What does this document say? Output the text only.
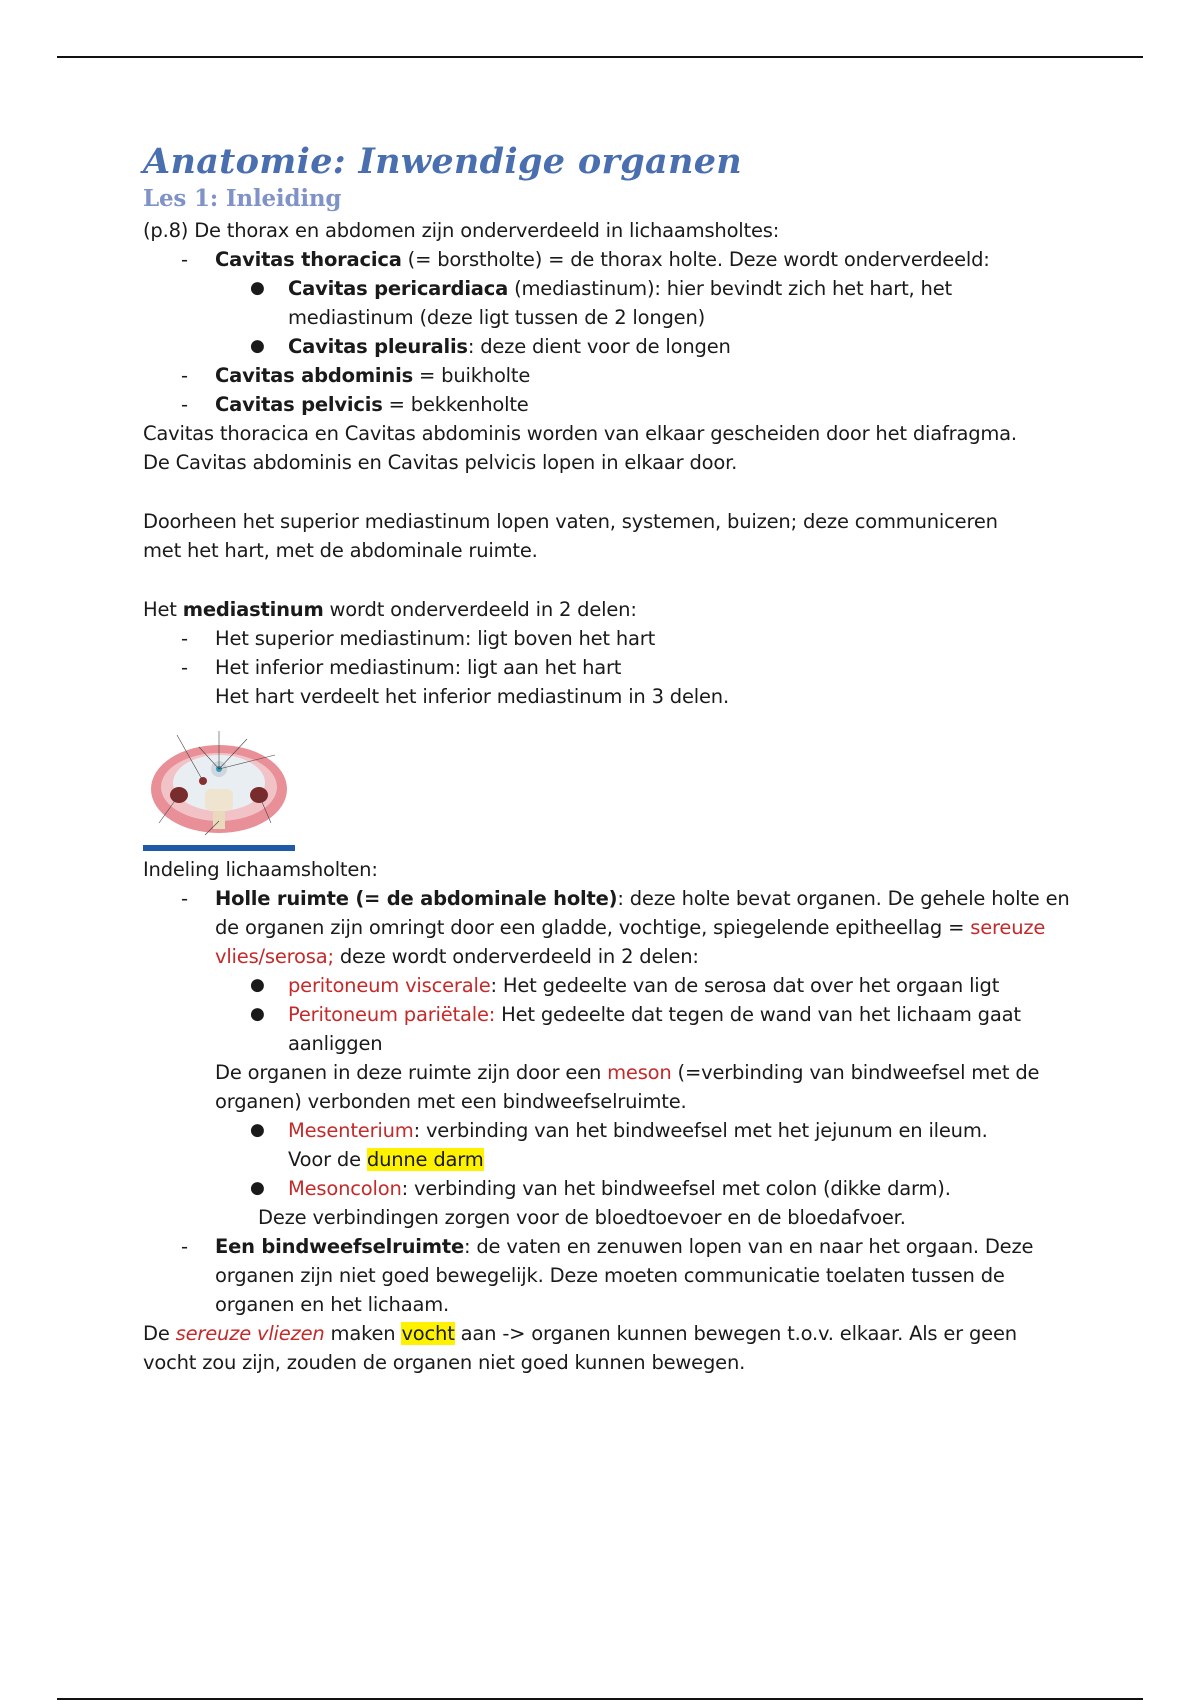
Anatomie: Inwendige organen
Les 1: Inleiding

(p.8) De thorax en abdomen zijn onderverdeeld in lichaamsholtes:

- Cavitas thoracica (= borstholte) = de thorax holte. Deze wordt onderverdeeld:
● Cavitas pericardiaca (mediastinum): hier bevindt zich het hart, het
mediastinum (deze ligt tussen de 2 longen)
● Cavitas pleuralis: deze dient voor de longen
- Cavitas abdominis = buikholte
- Cavitas pelvicis = bekkenholte

Cavitas thoracica en Cavitas abdominis worden van elkaar gescheiden door het diafragma.

De Cavitas abdominis en Cavitas pelvicis lopen in elkaar door.

Doorheen het superior mediastinum lopen vaten, systemen, buizen; deze communiceren

met het hart, met de abdominale ruimte.

Het mediastinum wordt onderverdeeld in 2 delen:

- Het superior mediastinum: ligt boven het hart
- Het inferior mediastinum: ligt aan het hart
Het hart verdeelt het inferior mediastinum in 3 delen.

Indeling lichaamsholten:

- Holle ruimte (= de abdominale holte): deze holte bevat organen. De gehele holte en
de organen zijn omringt door een gladde, vochtige, spiegelende epitheellag = sereuze
vlies/serosa; deze wordt onderverdeeld in 2 delen:
● peritoneum viscerale: Het gedeelte van de serosa dat over het orgaan ligt
● Peritoneum pariëtale: Het gedeelte dat tegen de wand van het lichaam gaat
aanliggen
De organen in deze ruimte zijn door een meson (=verbinding van bindweefsel met de
organen) verbonden met een bindweefselruimte.
● Mesenterium: verbinding van het bindweefsel met het jejunum en ileum.
Voor de dunne darm
● Mesoncolon: verbinding van het bindweefsel met colon (dikke darm).
Deze verbindingen zorgen voor de bloedtoevoer en de bloedafvoer.
- Een bindweefselruimte: de vaten en zenuwen lopen van en naar het orgaan. Deze
organen zijn niet goed bewegelijk. Deze moeten communicatie toelaten tussen de
organen en het lichaam.

De sereuze vliezen maken vocht aan -> organen kunnen bewegen t.o.v. elkaar. Als er geen

vocht zou zijn, zouden de organen niet goed kunnen bewegen.
